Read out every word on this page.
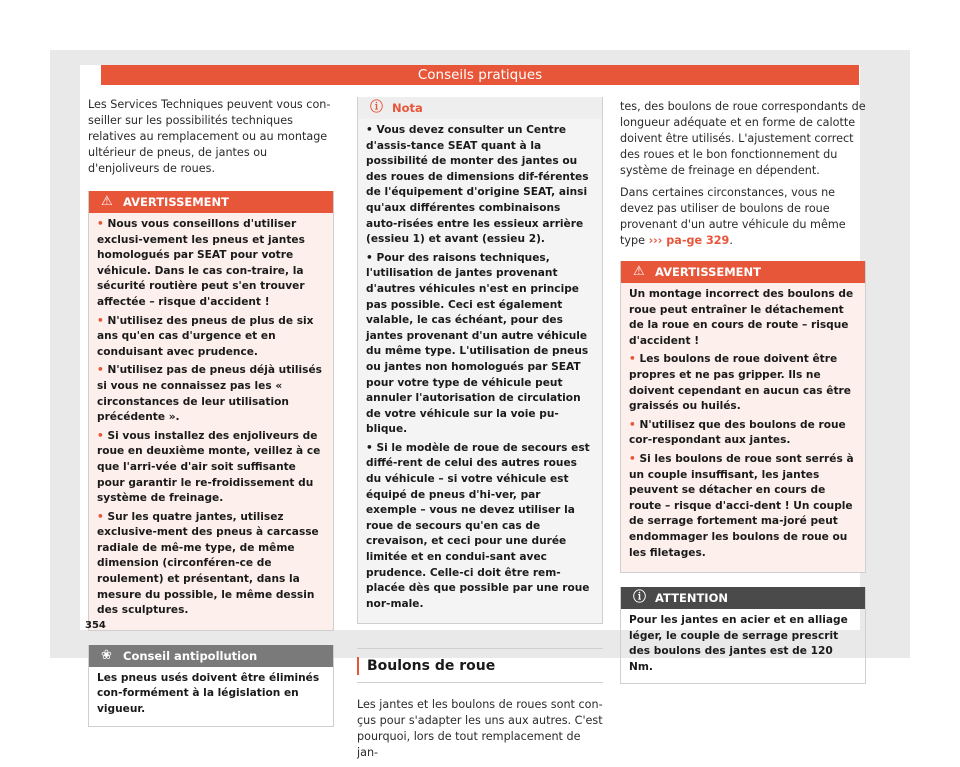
Conseils pratiques

Les Services Techniques peuvent vous con-seiller sur les possibilités techniques relatives au remplacement ou au montage ultérieur de pneus, de jantes ou d'enjoliveurs de roues.

⚠ AVERTISSEMENT
• Nous vous conseillons d'utiliser exclusi-vement les pneus et jantes homologués par SEAT pour votre véhicule. Dans le cas con-traire, la sécurité routière peut s'en trouver affectée – risque d'accident !
• N'utilisez des pneus de plus de six ans qu'en cas d'urgence et en conduisant avec prudence.
• N'utilisez pas de pneus déjà utilisés si vous ne connaissez pas les « circonstances de leur utilisation précédente ».
• Si vous installez des enjoliveurs de roue en deuxième monte, veillez à ce que l'arri-vée d'air soit suffisante pour garantir le re-froidissement du système de freinage.
• Sur les quatre jantes, utilisez exclusive-ment des pneus à carcasse radiale de mê-me type, de même dimension (circonféren-ce de roulement) et présentant, dans la mesure du possible, le même dessin des sculptures.
❀ Conseil antipollution
Les pneus usés doivent être éliminés con-formément à la législation en vigueur.
ⓘ Nota
• Vous devez consulter un Centre d'assis-tance SEAT quant à la possibilité de monter des jantes ou des roues de dimensions dif-férentes de l'équipement d'origine SEAT, ainsi qu'aux différentes combinaisons auto-risées entre les essieux arrière (essieu 1) et avant (essieu 2).
• Pour des raisons techniques, l'utilisation de jantes provenant d'autres véhicules n'est en principe pas possible. Ceci est également valable, le cas échéant, pour des jantes provenant d'un autre véhicule du même type. L'utilisation de pneus ou jantes non homologués par SEAT pour votre type de véhicule peut annuler l'autorisation de circulation de votre véhicule sur la voie pu-blique.
• Si le modèle de roue de secours est diffé-rent de celui des autres roues du véhicule – si votre véhicule est équipé de pneus d'hi-ver, par exemple – vous ne devez utiliser la roue de secours qu'en cas de crevaison, et ceci pour une durée limitée et en condui-sant avec prudence. Celle-ci doit être rem-placée dès que possible par une roue nor-male.
Boulons de roue

Les jantes et les boulons de roues sont con-çus pour s'adapter les uns aux autres. C'est pourquoi, lors de tout remplacement de jan-

tes, des boulons de roue correspondants de longueur adéquate et en forme de calotte doivent être utilisés. L'ajustement correct des roues et le bon fonctionnement du système de freinage en dépendent.

Dans certaines circonstances, vous ne devez pas utiliser de boulons de roue provenant d'un autre véhicule du même type ››› pa-ge 329.

⚠ AVERTISSEMENT
Un montage incorrect des boulons de roue peut entraîner le détachement de la roue en cours de route – risque d'accident !
• Les boulons de roue doivent être propres et ne pas gripper. Ils ne doivent cependant en aucun cas être graissés ou huilés.
• N'utilisez que des boulons de roue cor-respondant aux jantes.
• Si les boulons de roue sont serrés à un couple insuffisant, les jantes peuvent se détacher en cours de route – risque d'acci-dent ! Un couple de serrage fortement ma-joré peut endommager les boulons de roue ou les filetages.
ⓘ ATTENTION
Pour les jantes en acier et en alliage léger, le couple de serrage prescrit des boulons des jantes est de 120 Nm.
354
